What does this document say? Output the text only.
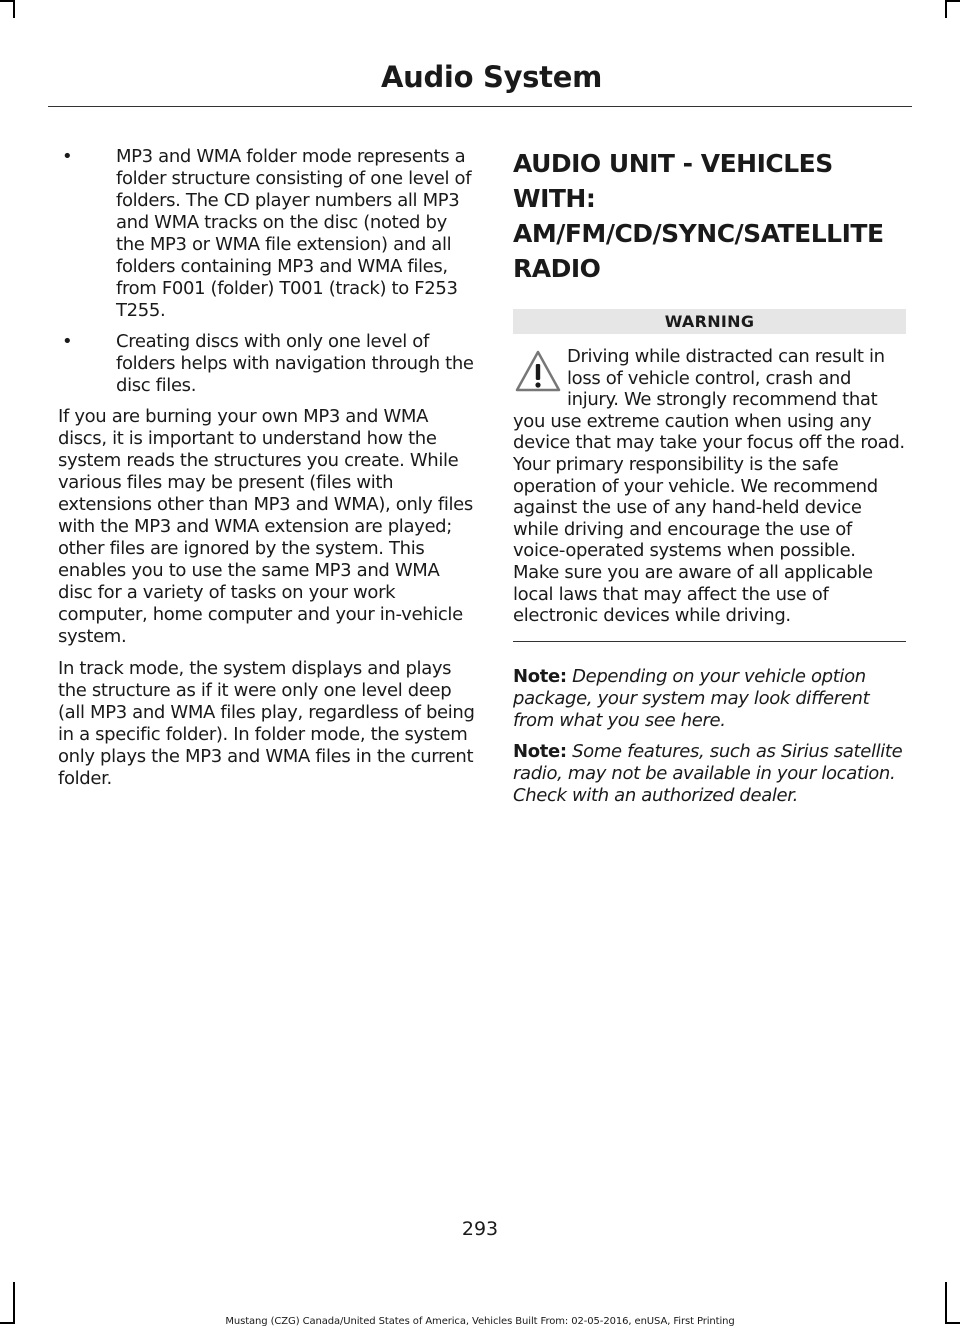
Audio System
• MP3 and WMA folder mode represents a folder structure consisting of one level of folders. The CD player numbers all MP3 and WMA tracks on the disc (noted by the MP3 or WMA file extension) and all folders containing MP3 and WMA files, from F001 (folder) T001 (track) to F253 T255.
• Creating discs with only one level of folders helps with navigation through the disc files.

If you are burning your own MP3 and WMA discs, it is important to understand how the system reads the structures you create. While various files may be present (files with extensions other than MP3 and WMA), only files with the MP3 and WMA extension are played; other files are ignored by the system. This enables you to use the same MP3 and WMA disc for a variety of tasks on your work computer, home computer and your in-vehicle system.

In track mode, the system displays and plays the structure as if it were only one level deep (all MP3 and WMA files play, regardless of being in a specific folder). In folder mode, the system only plays the MP3 and WMA files in the current folder.

AUDIO UNIT - VEHICLES WITH:
AM/FM/CD/SYNC/SATELLITE
RADIO
WARNING
Driving while distracted can result in loss of vehicle control, crash and injury. We strongly recommend that you use extreme caution when using any device that may take your focus off the road. Your primary responsibility is the safe operation of your vehicle. We recommend against the use of any hand-held device while driving and encourage the use of voice-operated systems when possible. Make sure you are aware of all applicable local laws that may affect the use of electronic devices while driving.
Note: Depending on your vehicle option package, your system may look different from what you see here.
Note: Some features, such as Sirius satellite radio, may not be available in your location. Check with an authorized dealer.
293
Mustang (CZG) Canada/United States of America, Vehicles Built From: 02-05-2016, enUSA, First Printing
